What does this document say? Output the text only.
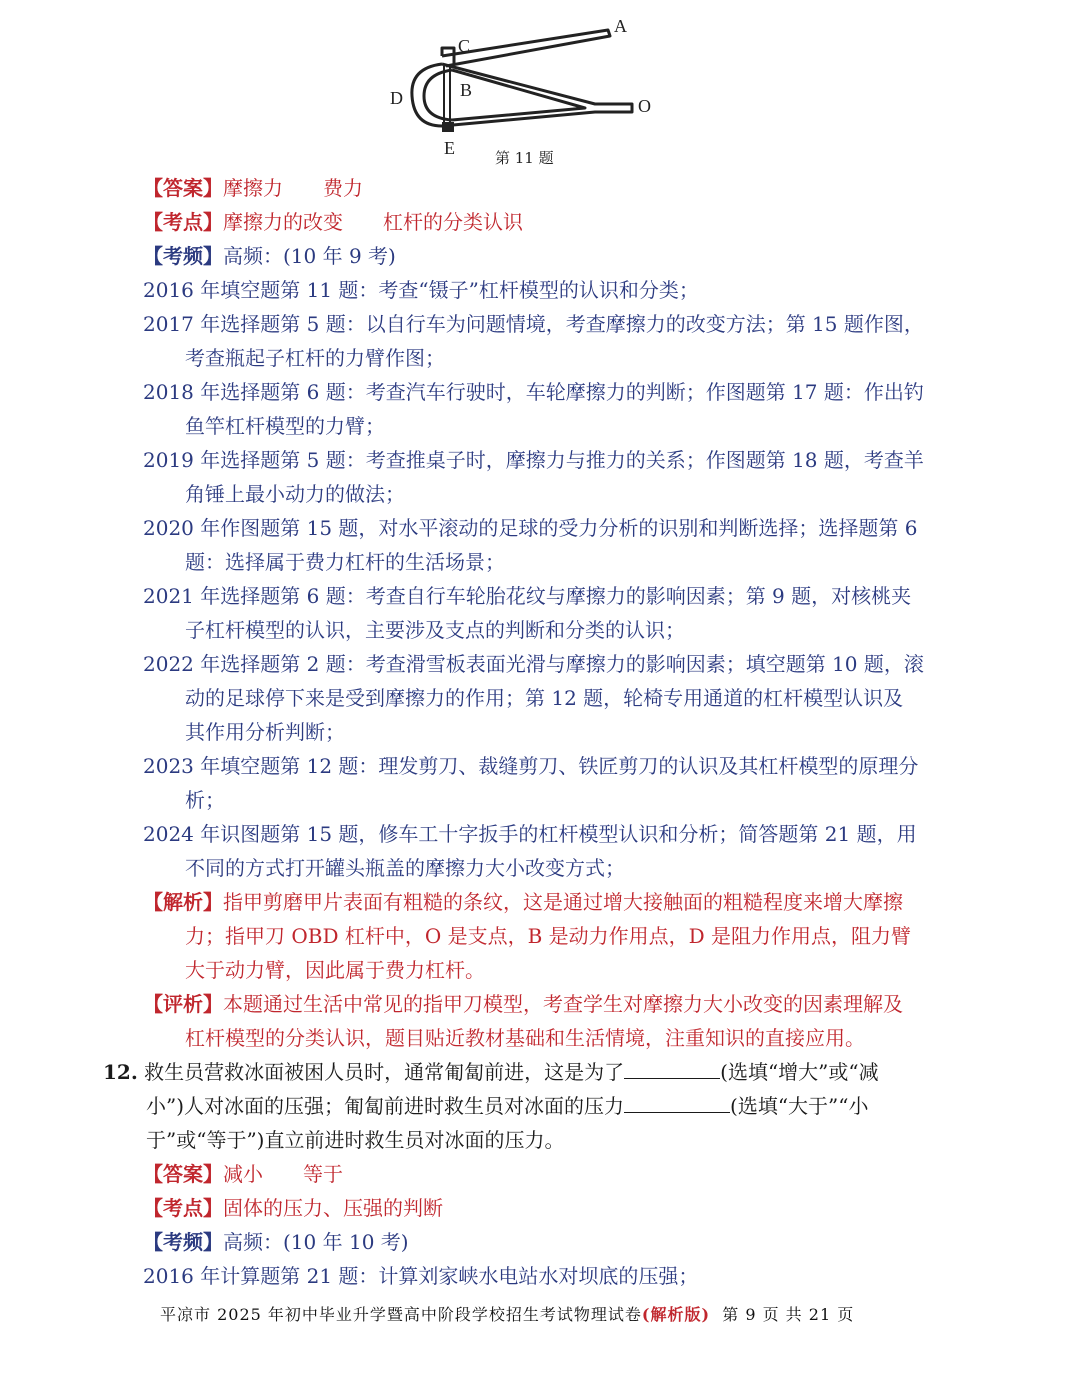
A
B
C
D
E
O
第 11 题
【答案】摩擦力　　费力
【考点】摩擦力的改变　　杠杆的分类认识
【考频】高频：(10 年 9 考)
2016 年填空题第 11 题：考查“镊子”杠杆模型的认识和分类；
2017 年选择题第 5 题：以自行车为问题情境，考查摩擦力的改变方法；第 15 题作图，
考查瓶起子杠杆的力臂作图；
2018 年选择题第 6 题：考查汽车行驶时，车轮摩擦力的判断；作图题第 17 题：作出钓
鱼竿杠杆模型的力臂；
2019 年选择题第 5 题：考查推桌子时，摩擦力与推力的关系；作图题第 18 题，考查羊
角锤上最小动力的做法；
2020 年作图题第 15 题，对水平滚动的足球的受力分析的识别和判断选择；选择题第 6
题：选择属于费力杠杆的生活场景；
2021 年选择题第 6 题：考查自行车轮胎花纹与摩擦力的影响因素；第 9 题，对核桃夹
子杠杆模型的认识，主要涉及支点的判断和分类的认识；
2022 年选择题第 2 题：考查滑雪板表面光滑与摩擦力的影响因素；填空题第 10 题，滚
动的足球停下来是受到摩擦力的作用；第 12 题，轮椅专用通道的杠杆模型认识及
其作用分析判断；
2023 年填空题第 12 题：理发剪刀、裁缝剪刀、铁匠剪刀的认识及其杠杆模型的原理分
析；
2024 年识图题第 15 题，修车工十字扳手的杠杆模型认识和分析；简答题第 21 题，用
不同的方式打开罐头瓶盖的摩擦力大小改变方式；
【解析】指甲剪磨甲片表面有粗糙的条纹，这是通过增大接触面的粗糙程度来增大摩擦
力；指甲刀 OBD 杠杆中，O 是支点，B 是动力作用点，D 是阻力作用点，阻力臂
大于动力臂，因此属于费力杠杆。
【评析】本题通过生活中常见的指甲刀模型，考查学生对摩擦力大小改变的因素理解及
杠杆模型的分类认识，题目贴近教材基础和生活情境，注重知识的直接应用。
12. 救生员营救冰面被困人员时，通常匍匐前进，这是为了	(选填“增大”或“减
小”)人对冰面的压强；匍匐前进时救生员对冰面的压力	(选填“大于”“小
于”或“等于”)直立前进时救生员对冰面的压力。
【答案】减小　　等于
【考点】固体的压力、压强的判断
【考频】高频：(10 年 10 考)
2016 年计算题第 21 题：计算刘家峡水电站水对坝底的压强；
平凉市 2025 年初中毕业升学暨高中阶段学校招生考试物理试卷(解析版) 第 9 页 共 21 页
